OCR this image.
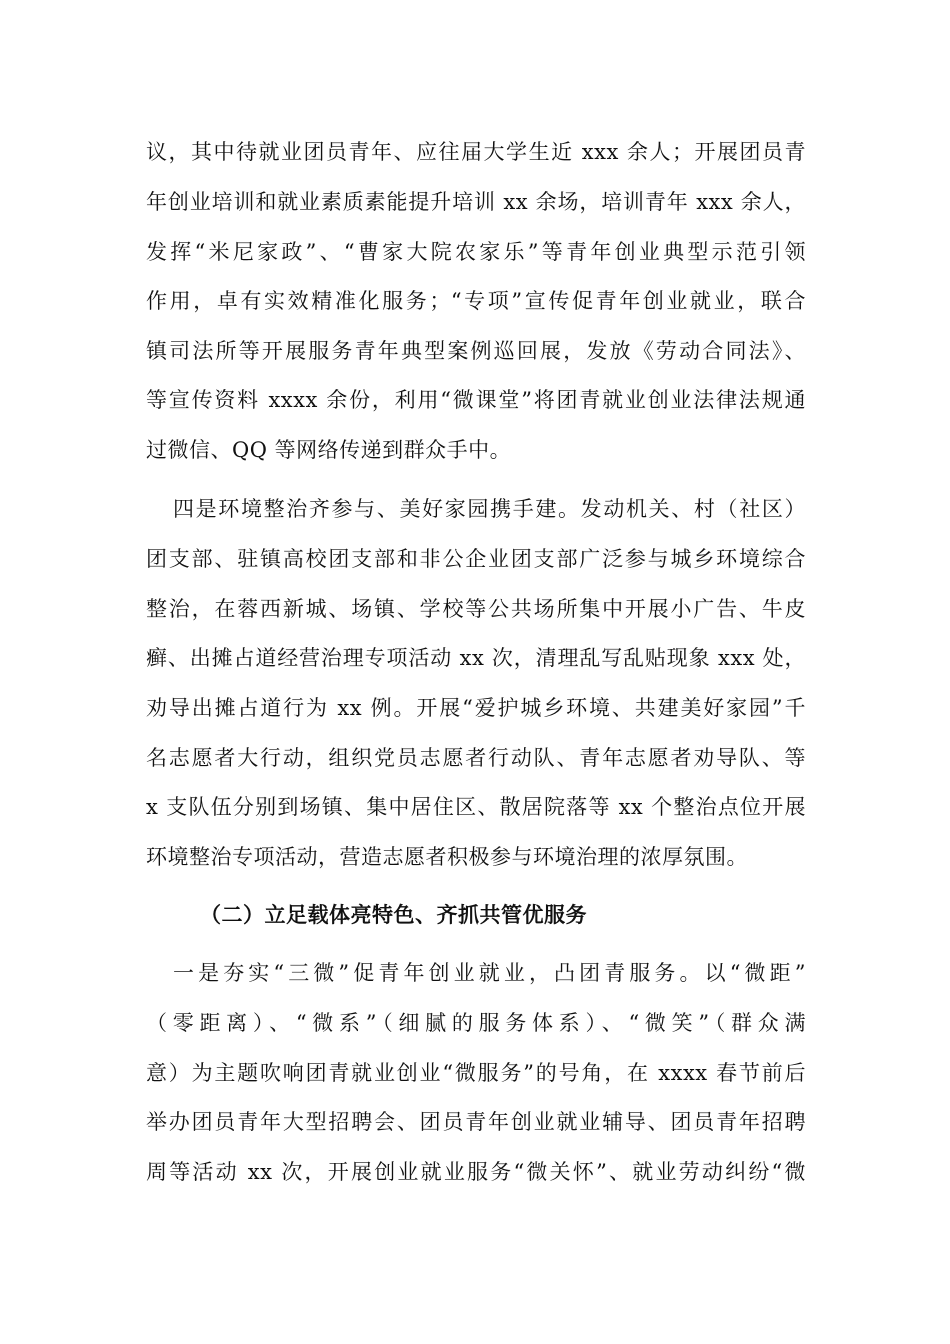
议，其中待就业团员青年、应往届大学生近 xxx 余人；开展团员青
年创业培训和就业素质素能提升培训 xx 余场，培训青年 xxx 余人，
发挥“米尼家政”、“曹家大院农家乐”等青年创业典型示范引领
作用，卓有实效精准化服务；“专项”宣传促青年创业就业，联合
镇司法所等开展服务青年典型案例巡回展，发放《劳动合同法》、
等宣传资料 xxxx 余份，利用“微课堂”将团青就业创业法律法规通
过微信、QQ 等网络传递到群众手中。
四是环境整治齐参与、美好家园携手建。发动机关、村（社区）
团支部、驻镇高校团支部和非公企业团支部广泛参与城乡环境综合
整治，在蓉西新城、场镇、学校等公共场所集中开展小广告、牛皮
癣、出摊占道经营治理专项活动 xx 次，清理乱写乱贴现象 xxx 处，
劝导出摊占道行为 xx 例。开展“爱护城乡环境、共建美好家园”千
名志愿者大行动，组织党员志愿者行动队、青年志愿者劝导队、等
x 支队伍分别到场镇、集中居住区、散居院落等 xx 个整治点位开展
环境整治专项活动，营造志愿者积极参与环境治理的浓厚氛围。
（二）立足载体亮特色、齐抓共管优服务
一是夯实“三微”促青年创业就业，凸团青服务。以“微距”
（零距离）、“微系”（细腻的服务体系）、“微笑”（群众满
意）为主题吹响团青就业创业“微服务”的号角，在 xxxx 春节前后
举办团员青年大型招聘会、团员青年创业就业辅导、团员青年招聘
周等活动 xx 次，开展创业就业服务“微关怀”、就业劳动纠纷“微
